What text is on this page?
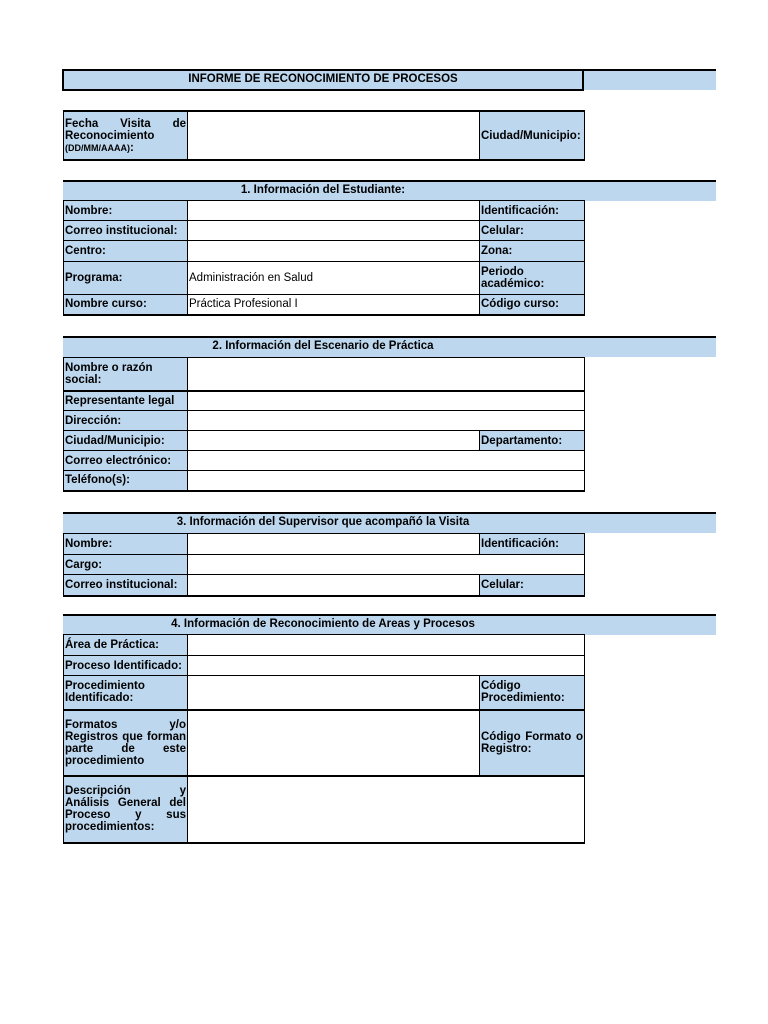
INFORME DE RECONOCIMIENTO DE PROCESOS
Fecha Visita de
Reconocimiento
(DD/MM/AAAA):
		Ciudad/Municipio:
1. Información del Estudiante:
Nombre:		Identificación:
Correo institucional:		Celular:
Centro:		Zona:
Programa:	Administración en Salud	Periodo académico:
Nombre curso:	Práctica Profesional I	Código curso:
2. Información del Escenario de Práctica
Nombre o razón social:		
Representante legal		
Dirección:		
Ciudad/Municipio:		Departamento:
Correo electrónico:		
Teléfono(s):		
3. Información del Supervisor que acompañó la Visita
Nombre:		Identificación:
Cargo:		
Correo institucional:		Celular:
4. Información de Reconocimiento de Areas y Procesos
Área de Práctica:		
Proceso Identificado:		
Procedimiento Identificado:		Código Procedimiento:
Formatos y/o Registros que forman parte de este procedimiento		Código Formato o Registro:
Descripción y Análisis General del Proceso y sus procedimientos:		
